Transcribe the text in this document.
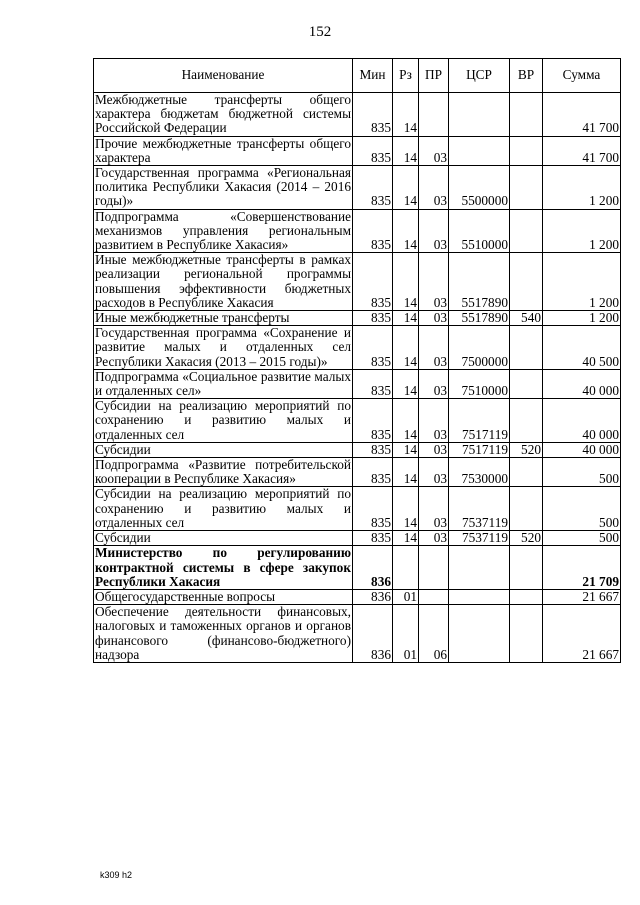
152
Наименование	Мин	Рз	ПР	ЦСР	ВР	Сумма
Межбюджетные трансферты общего характера бюджетам бюджетной системы Российской Федерации	835	14				41 700
Прочие межбюджетные трансферты общего характера	835	14	03			41 700
Государственная программа «Региональная политика Республики Хакасия (2014 – 2016 годы)»	835	14	03	5500000		1 200
Подпрограмма «Совершенствование механизмов управления региональным развитием в Республике Хакасия»	835	14	03	5510000		1 200
Иные межбюджетные трансферты в рамках реализации региональной программы повышения эффективности бюджетных расходов в Республике Хакасия	835	14	03	5517890		1 200
Иные межбюджетные трансферты	835	14	03	5517890	540	1 200
Государственная программа «Сохранение и развитие малых и отдаленных сел Республики Хакасия (2013 – 2015 годы)»	835	14	03	7500000		40 500
Подпрограмма «Социальное развитие малых и отдаленных сел»	835	14	03	7510000		40 000
Субсидии на реализацию мероприятий по сохранению и развитию малых и отдаленных сел	835	14	03	7517119		40 000
Субсидии	835	14	03	7517119	520	40 000
Подпрограмма «Развитие потребительской кооперации в Республике Хакасия»	835	14	03	7530000		500
Субсидии на реализацию мероприятий по сохранению и развитию малых и отдаленных сел	835	14	03	7537119		500
Субсидии	835	14	03	7537119	520	500
Министерство по регулированию контрактной системы в сфере закупок Республики Хакасия	836					21 709
Общегосударственные вопросы	836	01				21 667
Обеспечение деятельности финансовых, налоговых и таможенных органов и органов финансового (финансово-бюджетного) надзора	836	01	06			21 667
k309 h2
